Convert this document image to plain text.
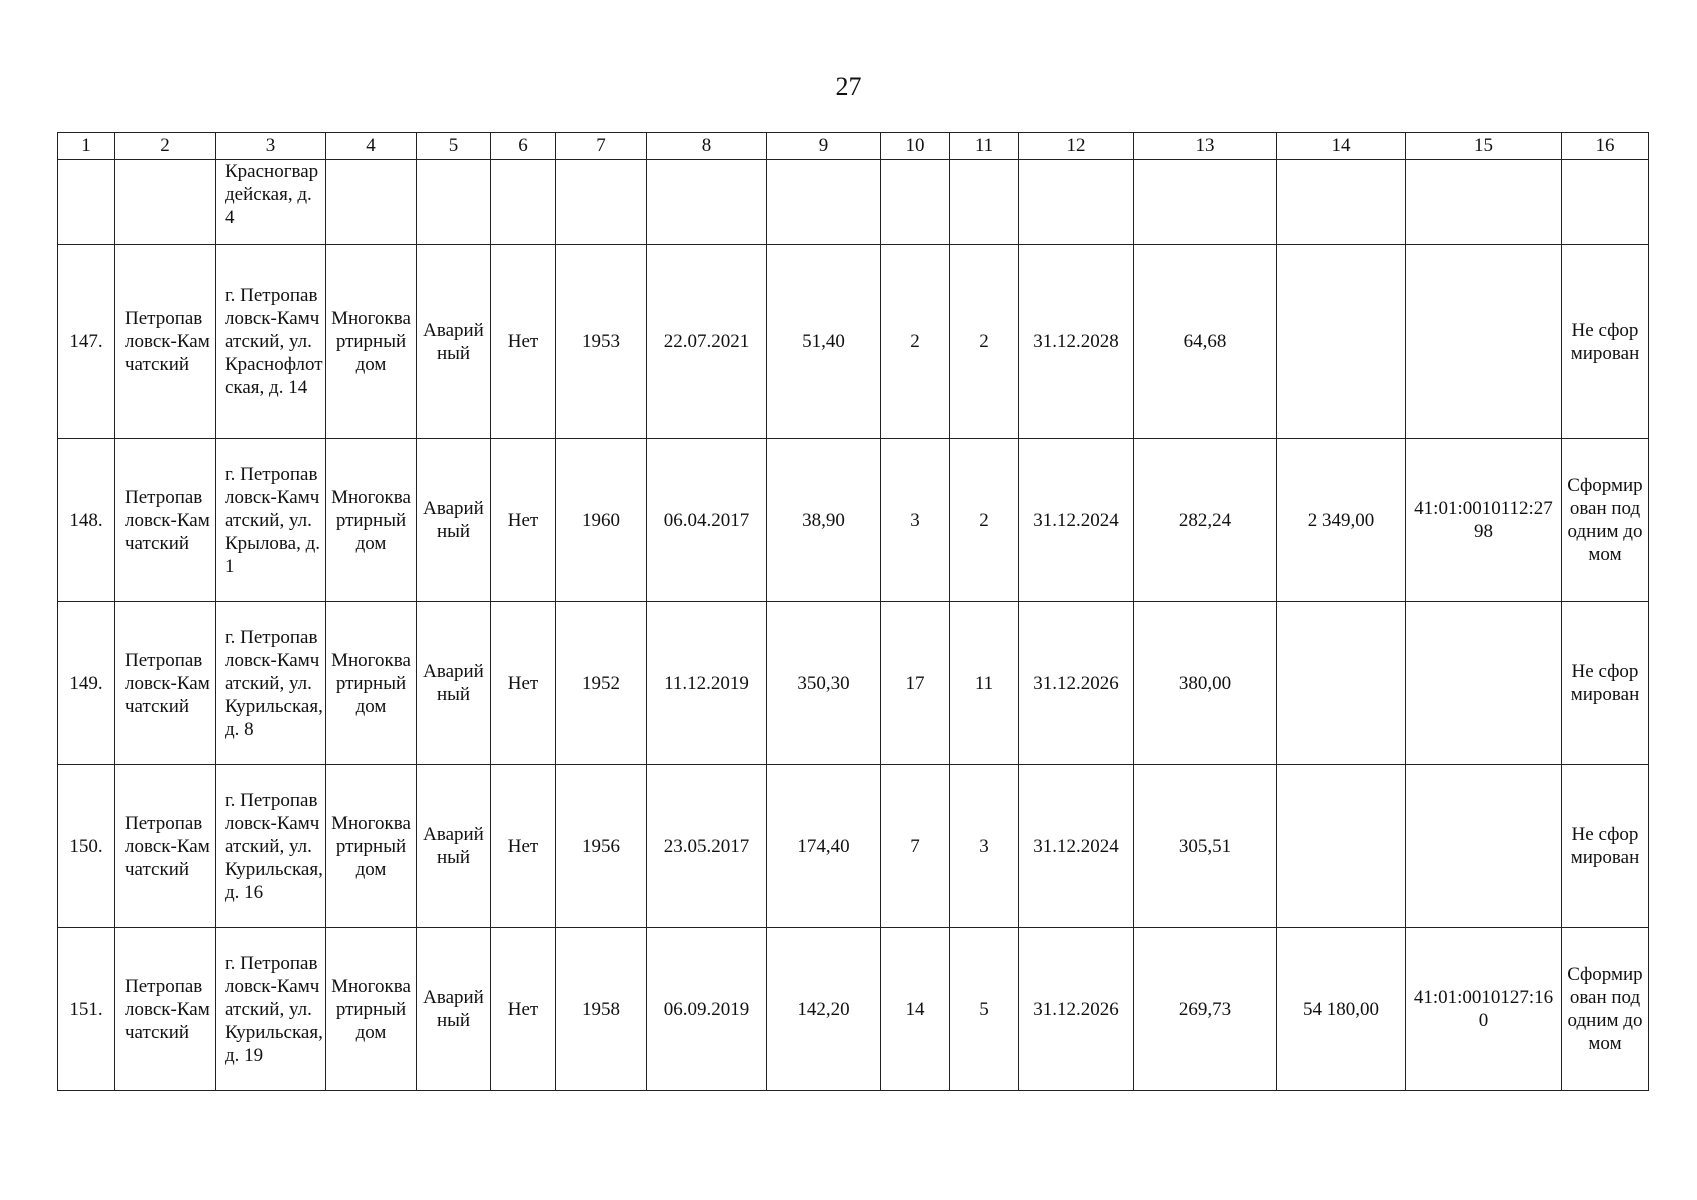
27
1	2	3	4	5	6	7	8	9	10	11	12	13	14	15	16
		Красногвардейская, д. 4													
147.	Петропавловск-Камчатский	г. Петропавловск-Камчатский, ул. Краснофлотская, д. 14	Многоквартирный дом	Аварийный	Нет	1953	22.07.2021	51,40	2	2	31.12.2028	64,68			Не сформирован
148.	Петропавловск-Камчатский	г. Петропавловск-Камчатский, ул. Крылова, д. 1	Многоквартирный дом	Аварийный	Нет	1960	06.04.2017	38,90	3	2	31.12.2024	282,24	2 349,00	41:01:0010112:2798	Сформирован под одним домом
149.	Петропавловск-Камчатский	г. Петропавловск-Камчатский, ул. Курильская, д. 8	Многоквартирный дом	Аварийный	Нет	1952	11.12.2019	350,30	17	11	31.12.2026	380,00			Не сформирован
150.	Петропавловск-Камчатский	г. Петропавловск-Камчатский, ул. Курильская, д. 16	Многоквартирный дом	Аварийный	Нет	1956	23.05.2017	174,40	7	3	31.12.2024	305,51			Не сформирован
151.	Петропавловск-Камчатский	г. Петропавловск-Камчатский, ул. Курильская, д. 19	Многоквартирный дом	Аварийный	Нет	1958	06.09.2019	142,20	14	5	31.12.2026	269,73	54 180,00	41:01:0010127:160	Сформирован под одним домом
